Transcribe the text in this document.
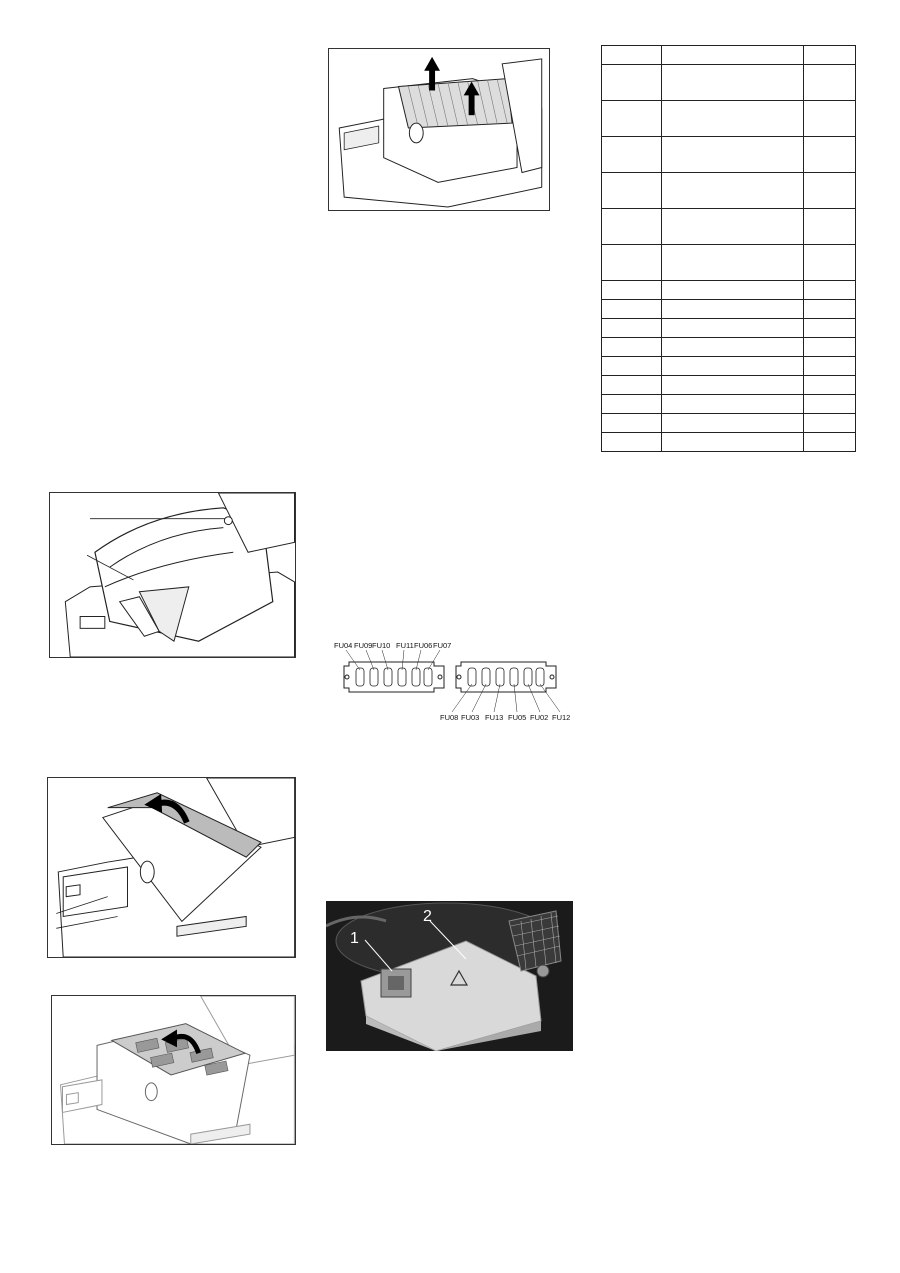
FU04 FU09 FU10 FU11 FU06 FU07
FU08 FU03 FU13 FU05 FU02 FU12
1
2
